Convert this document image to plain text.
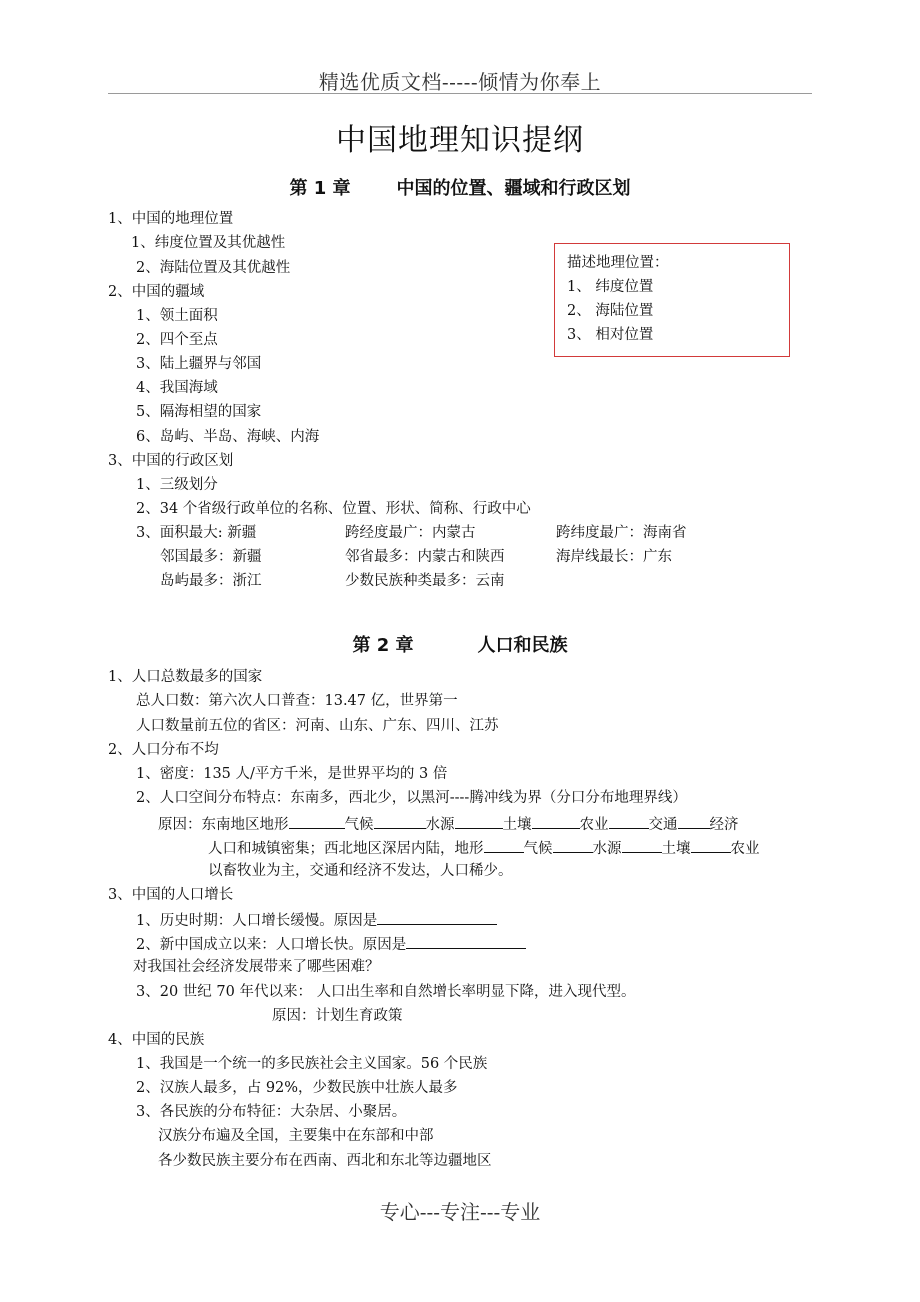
精选优质文档-----倾情为你奉上
中国地理知识提纲
第 1 章	中国的位置、疆域和行政区划
1、中国的地理位置
1、纬度位置及其优越性
2、海陆位置及其优越性
2、中国的疆域
1、领土面积
2、四个至点
3、陆上疆界与邻国
4、我国海域
5、隔海相望的国家
6、岛屿、半岛、海峡、内海
3、中国的行政区划
1、三级划分
2、34 个省级行政单位的名称、位置、形状、简称、行政中心
3、面积最大: 新疆	跨经度最广：内蒙古	跨纬度最广：海南省
邻国最多：新疆	邻省最多：内蒙古和陕西	海岸线最长：广东
岛屿最多：浙江	少数民族种类最多：云南
描述地理位置：
1、 纬度位置
2、 海陆位置
3、 相对位置
第 2 章	人口和民族
1、人口总数最多的国家
总人口数：第六次人口普查：13.47 亿，世界第一
人口数量前五位的省区：河南、山东、广东、四川、江苏
2、人口分布不均
1、密度：135 人/平方千米，是世界平均的 3 倍
2、人口空间分布特点：东南多，西北少，以黑河----腾冲线为界（分口分布地理界线）
原因：东南地区地形	气候	水源	土壤	农业	交通 经济
人口和城镇密集；西北地区深居内陆，地形	气候	水源	土壤	农业
以畜牧业为主，交通和经济不发达，人口稀少。
3、中国的人口增长
1、历史时期：人口增长缓慢。原因是
2、新中国成立以来：人口增长快。原因是
对我国社会经济发展带来了哪些困难？
3、20 世纪 70 年代以来： 人口出生率和自然增长率明显下降，进入现代型。
原因：计划生育政策
4、中国的民族
1、我国是一个统一的多民族社会主义国家。56 个民族
2、汉族人最多，占 92%，少数民族中壮族人最多
3、各民族的分布特征：大杂居、小聚居。
汉族分布遍及全国，主要集中在东部和中部
各少数民族主要分布在西南、西北和东北等边疆地区
专心---专注---专业
